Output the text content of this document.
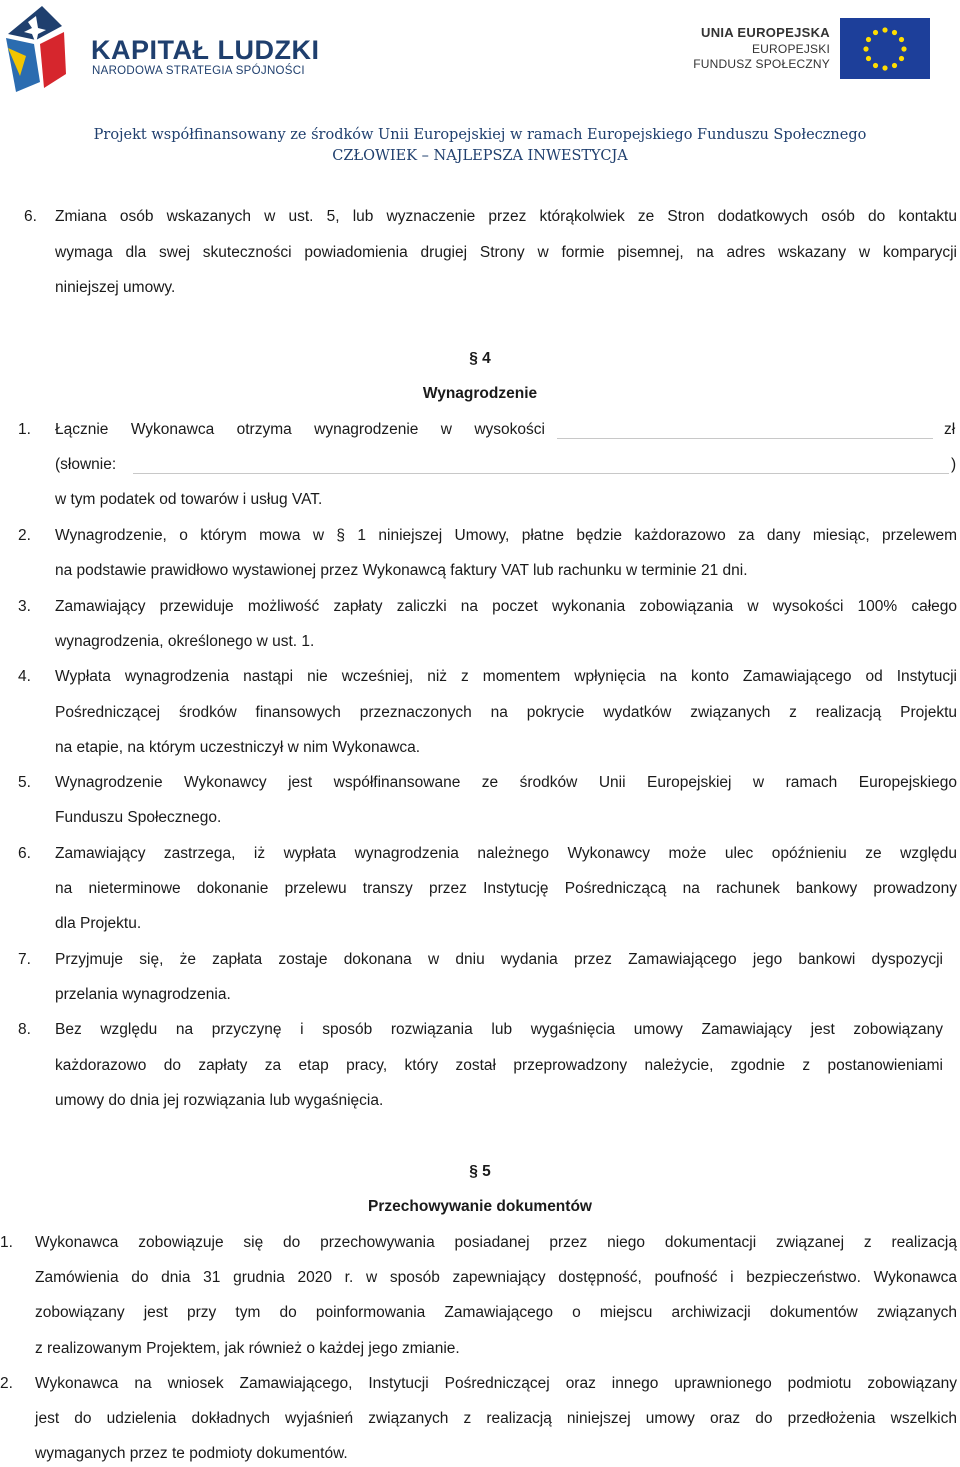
KAPITAŁ LUDZKI
NARODOWA STRATEGIA SPÓJNOŚCI
UNIA EUROPEJSKA
EUROPEJSKI
FUNDUSZ SPOŁECZNY
Projekt współfinansowany ze środków Unii Europejskiej w ramach Europejskiego Funduszu Społecznego
CZŁOWIEK – NAJLEPSZA INWESTYCJA
6. Zmiana osób wskazanych w ust. 5, lub wyznaczenie przez którąkolwiek ze Stron dodatkowych osób do kontaktu
wymaga dla swej skuteczności powiadomienia drugiej Strony w formie pisemnej, na adres wskazany w komparycji
niniejszej umowy.
§ 4
Wynagrodzenie
1. Łącznie Wykonawca otrzyma wynagrodzenie w wysokości	zł
(słownie:	)
w tym podatek od towarów i usług VAT.
2. Wynagrodzenie, o którym mowa w § 1 niniejszej Umowy, płatne będzie każdorazowo za dany miesiąc, przelewem
na podstawie prawidłowo wystawionej przez Wykonawcą faktury VAT lub rachunku w terminie 21 dni.
3. Zamawiający przewiduje możliwość zapłaty zaliczki na poczet wykonania zobowiązania w wysokości 100% całego
wynagrodzenia, określonego w ust. 1.
4. Wypłata wynagrodzenia nastąpi nie wcześniej, niż z momentem wpłynięcia na konto Zamawiającego od Instytucji
Pośredniczącej środków finansowych przeznaczonych na pokrycie wydatków związanych z realizacją Projektu
na etapie, na którym uczestniczył w nim Wykonawca.
5. Wynagrodzenie Wykonawcy jest współfinansowane ze środków Unii Europejskiej w ramach Europejskiego
Funduszu Społecznego.
6. Zamawiający zastrzega, iż wypłata wynagrodzenia należnego Wykonawcy może ulec opóźnieniu ze względu
na nieterminowe dokonanie przelewu transzy przez Instytucję Pośredniczącą na rachunek bankowy prowadzony
dla Projektu.
7. Przyjmuje się, że zapłata zostaje dokonana w dniu wydania przez Zamawiającego jego bankowi dyspozycji
przelania wynagrodzenia.
8. Bez względu na przyczynę i sposób rozwiązania lub wygaśnięcia umowy Zamawiający jest zobowiązany
każdorazowo do zapłaty za etap pracy, który został przeprowadzony należycie, zgodnie z postanowieniami
umowy do dnia jej rozwiązania lub wygaśnięcia.
§ 5
Przechowywanie dokumentów
1. Wykonawca zobowiązuje się do przechowywania posiadanej przez niego dokumentacji związanej z realizacją
Zamówienia do dnia 31 grudnia 2020 r. w sposób zapewniający dostępność, poufność i bezpieczeństwo. Wykonawca
zobowiązany jest przy tym do poinformowania Zamawiającego o miejscu archiwizacji dokumentów związanych
z realizowanym Projektem, jak również o każdej jego zmianie.
2. Wykonawca na wniosek Zamawiającego, Instytucji Pośredniczącej oraz innego uprawnionego podmiotu zobowiązany
jest do udzielenia dokładnych wyjaśnień związanych z realizacją niniejszej umowy oraz do przedłożenia wszelkich
wymaganych przez te podmioty dokumentów.
